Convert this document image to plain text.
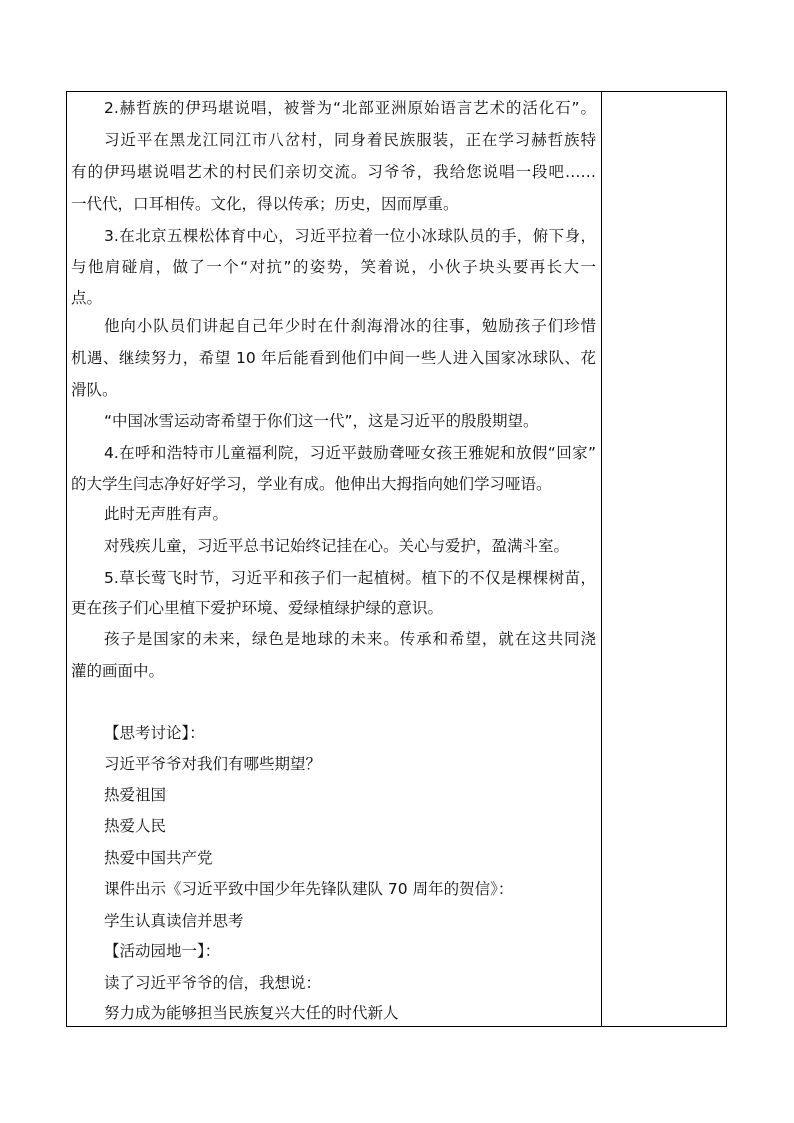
2.赫哲族的伊玛堪说唱，被誉为“北部亚洲原始语言艺术的活化石”。
习近平在黑龙江同江市八岔村，同身着民族服装，正在学习赫哲族特
有的伊玛堪说唱艺术的村民们亲切交流。习爷爷，我给您说唱一段吧……
一代代，口耳相传。文化，得以传承；历史，因而厚重。
3.在北京五棵松体育中心，习近平拉着一位小冰球队员的手，俯下身，
与他肩碰肩，做了一个“对抗”的姿势，笑着说，小伙子块头要再长大一
点。
他向小队员们讲起自己年少时在什刹海滑冰的往事，勉励孩子们珍惜
机遇、继续努力，希望 10 年后能看到他们中间一些人进入国家冰球队、花
滑队。
“中国冰雪运动寄希望于你们这一代”，这是习近平的殷殷期望。
4.在呼和浩特市儿童福利院，习近平鼓励聋哑女孩王雅妮和放假“回家”
的大学生闫志净好好学习，学业有成。他伸出大拇指向她们学习哑语。
此时无声胜有声。
对残疾儿童，习近平总书记始终记挂在心。关心与爱护，盈满斗室。
5.草长莺飞时节，习近平和孩子们一起植树。植下的不仅是棵棵树苗，
更在孩子们心里植下爱护环境、爱绿植绿护绿的意识。
孩子是国家的未来，绿色是地球的未来。传承和希望，就在这共同浇
灌的画面中。
【思考讨论】：
习近平爷爷对我们有哪些期望？
热爱祖国
热爱人民
热爱中国共产党
课件出示《习近平致中国少年先锋队建队 70 周年的贺信》：
学生认真读信并思考
【活动园地一】：
读了习近平爷爷的信，我想说：
努力成为能够担当民族复兴大任的时代新人
